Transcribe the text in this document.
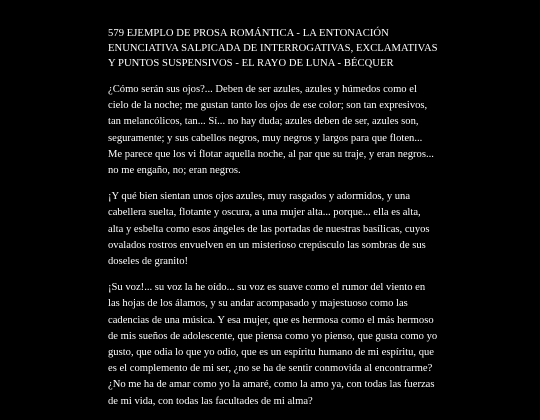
579 EJEMPLO DE PROSA ROMÁNTICA - LA ENTONACIÓN ENUNCIATIVA SALPICADA DE INTERROGATIVAS, EXCLAMATIVAS Y PUNTOS SUSPENSIVOS - EL RAYO DE LUNA - BÉCQUER

¿Cómo serán sus ojos?... Deben de ser azules, azules y húmedos como el cielo de la noche; me gustan tanto los ojos de ese color; son tan expresivos, tan melancólicos, tan... Sí... no hay duda; azules deben de ser, azules son, seguramente; y sus cabellos negros, muy negros y largos para que floten... Me parece que los vi flotar aquella noche, al par que su traje, y eran negros... no me engaño, no; eran negros.

¡Y qué bien sientan unos ojos azules, muy rasgados y adormidos, y una cabellera suelta, flotante y oscura, a una mujer alta... porque... ella es alta, alta y esbelta como esos ángeles de las portadas de nuestras basílicas, cuyos ovalados rostros envuelven en un misterioso crepúsculo las sombras de sus doseles de granito!

¡Su voz!... su voz la he oído... su voz es suave como el rumor del viento en las hojas de los álamos, y su andar acompasado y majestuoso como las cadencias de una música. Y esa mujer, que es hermosa como el más hermoso de mis sueños de adolescente, que piensa como yo pienso, que gusta como yo gusto, que odia lo que yo odio, que es un espíritu humano de mi espíritu, que es el complemento de mi ser, ¿no se ha de sentir conmovida al encontrarme? ¿No me ha de amar como yo la amaré, como la amo ya, con todas las fuerzas de mi vida, con todas las facultades de mi alma?
